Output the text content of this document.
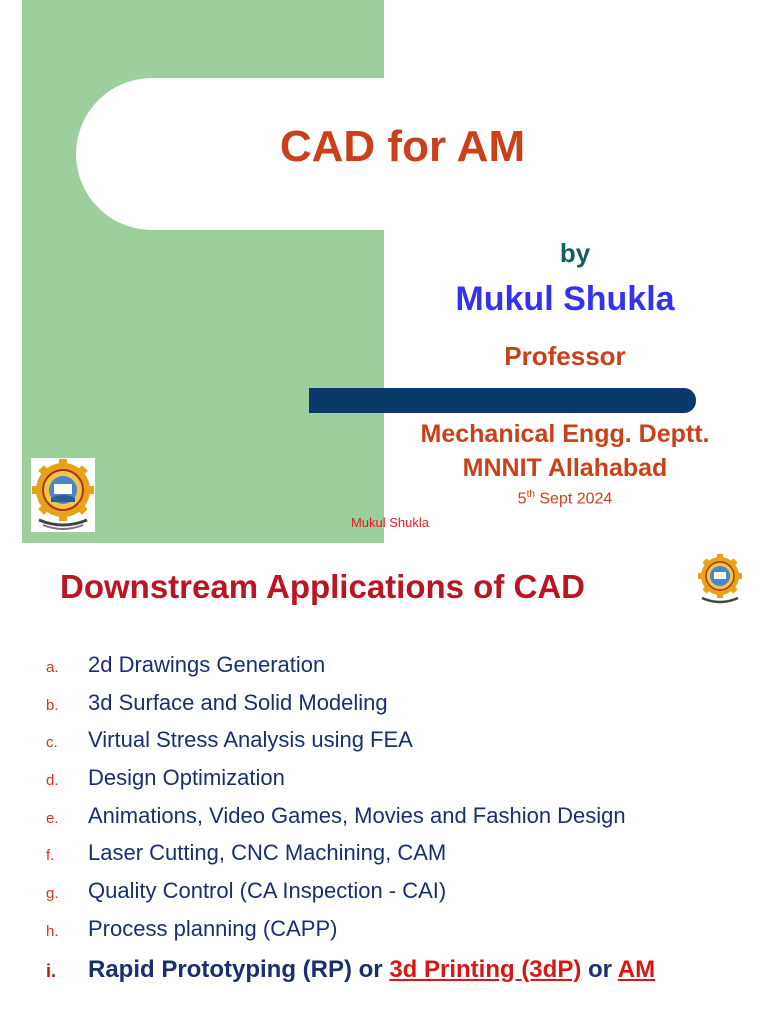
CAD for AM
by
Mukul Shukla
Professor
Mechanical Engg. Deptt.
MNNIT Allahabad
5th Sept 2024
Mukul Shukla
Downstream Applications of CAD
a.	2d Drawings Generation
b.	3d Surface and Solid Modeling
c.	Virtual Stress Analysis using FEA
d.	Design Optimization
e.	Animations, Video Games, Movies and Fashion Design
f.	Laser Cutting, CNC Machining, CAM
g.	Quality Control (CA Inspection - CAI)
h.	Process planning (CAPP)
i.	Rapid Prototyping (RP) or 3d Printing (3dP) or AM
